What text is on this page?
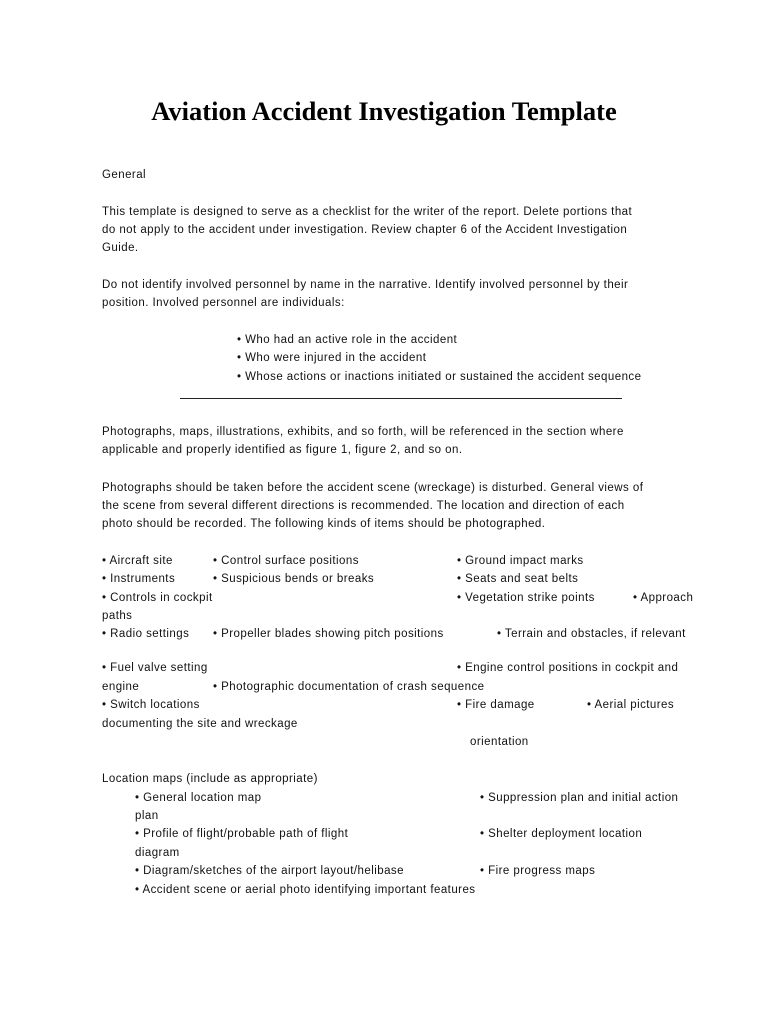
Aviation Accident Investigation Template
General
This template is designed to serve as a checklist for the writer of the report. Delete portions that
do not apply to the accident under investigation. Review chapter 6 of the Accident Investigation
Guide.
Do not identify involved personnel by name in the narrative. Identify involved personnel by their
position. Involved personnel are individuals:
• Who had an active role in the accident
• Who were injured in the accident
• Whose actions or inactions initiated or sustained the accident sequence
Photographs, maps, illustrations, exhibits, and so forth, will be referenced in the section where
applicable and properly identified as figure 1, figure 2, and so on.
Photographs should be taken before the accident scene (wreckage) is disturbed. General views of
the scene from several different directions is recommended. The location and direction of each
photo should be recorded. The following kinds of items should be photographed.
• Aircraft site	• Control surface positions	• Ground impact marks
• Instruments	• Suspicious bends or breaks	• Seats and seat belts
• Controls in cockpit	• Vegetation strike points	• Approach
paths
• Radio settings • Propeller blades showing pitch positions	• Terrain and obstacles, if relevant
• Fuel valve setting	• Engine control positions in cockpit and
engine	• Photographic documentation of crash sequence
• Switch locations	• Fire damage	• Aerial pictures
documenting the site and wreckage
orientation
Location maps (include as appropriate)
• General location map	• Suppression plan and initial action
plan
• Profile of flight/probable path of flight	• Shelter deployment location
diagram
• Diagram/sketches of the airport layout/helibase	• Fire progress maps
• Accident scene or aerial photo identifying important features
